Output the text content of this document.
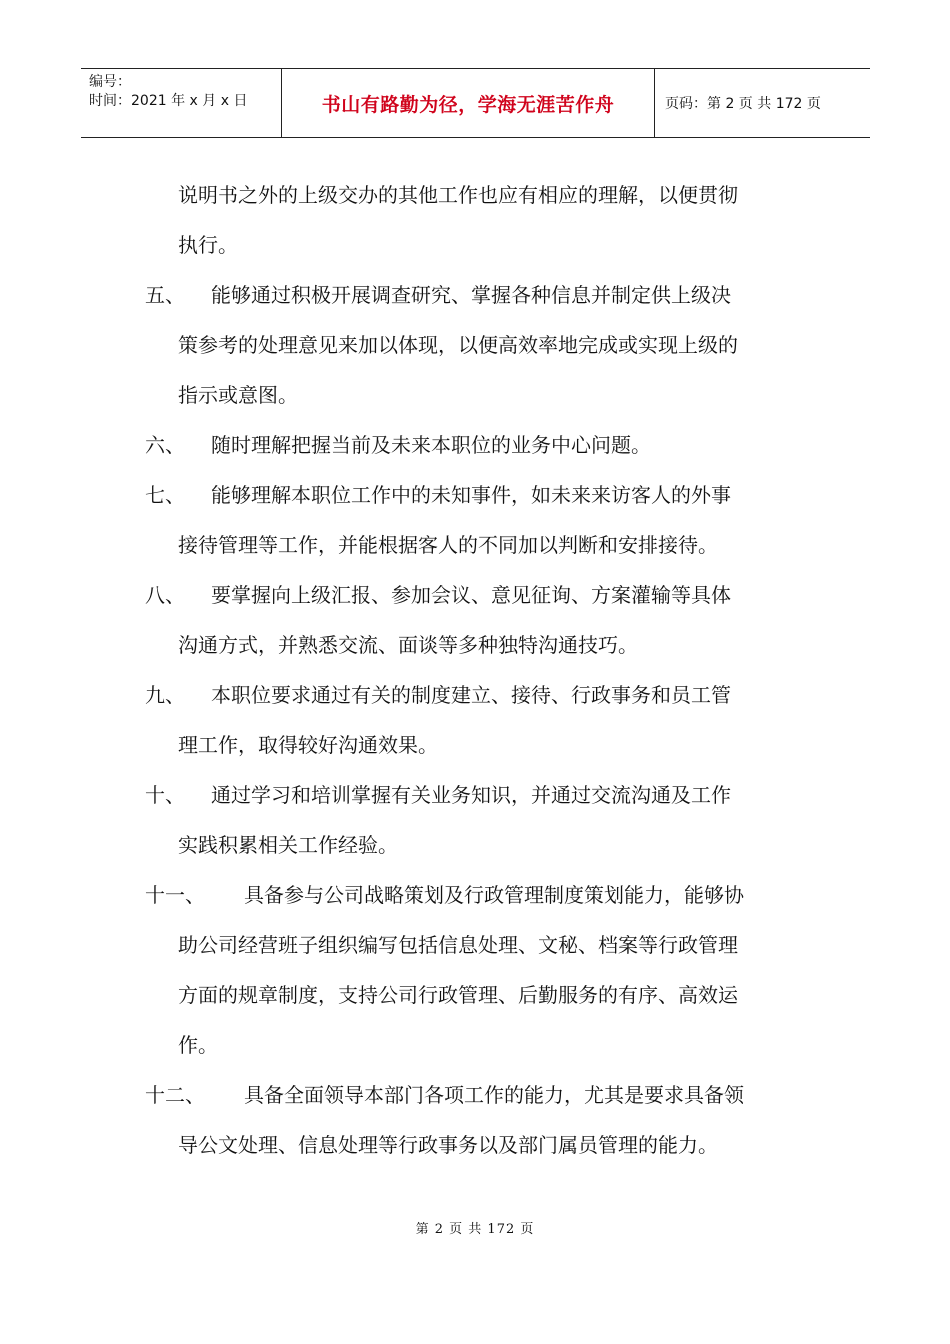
编号：
时间：2021 年 x 月 x 日	书山有路勤为径，学海无涯苦作舟	页码：第 2 页 共 172 页
说明书之外的上级交办的其他工作也应有相应的理解，以便贯彻
执行。
五、	能够通过积极开展调查研究、掌握各种信息并制定供上级决
策参考的处理意见来加以体现，以便高效率地完成或实现上级的
指示或意图。
六、	随时理解把握当前及未来本职位的业务中心问题。
七、	能够理解本职位工作中的未知事件，如未来来访客人的外事
接待管理等工作，并能根据客人的不同加以判断和安排接待。
八、	要掌握向上级汇报、参加会议、意见征询、方案灌输等具体
沟通方式，并熟悉交流、面谈等多种独特沟通技巧。
九、	本职位要求通过有关的制度建立、接待、行政事务和员工管
理工作，取得较好沟通效果。
十、	通过学习和培训掌握有关业务知识，并通过交流沟通及工作
实践积累相关工作经验。
十一、	具备参与公司战略策划及行政管理制度策划能力，能够协
助公司经营班子组织编写包括信息处理、文秘、档案等行政管理
方面的规章制度，支持公司行政管理、后勤服务的有序、高效运
作。
十二、	具备全面领导本部门各项工作的能力，尤其是要求具备领
导公文处理、信息处理等行政事务以及部门属员管理的能力。
第 2 页 共 172 页
